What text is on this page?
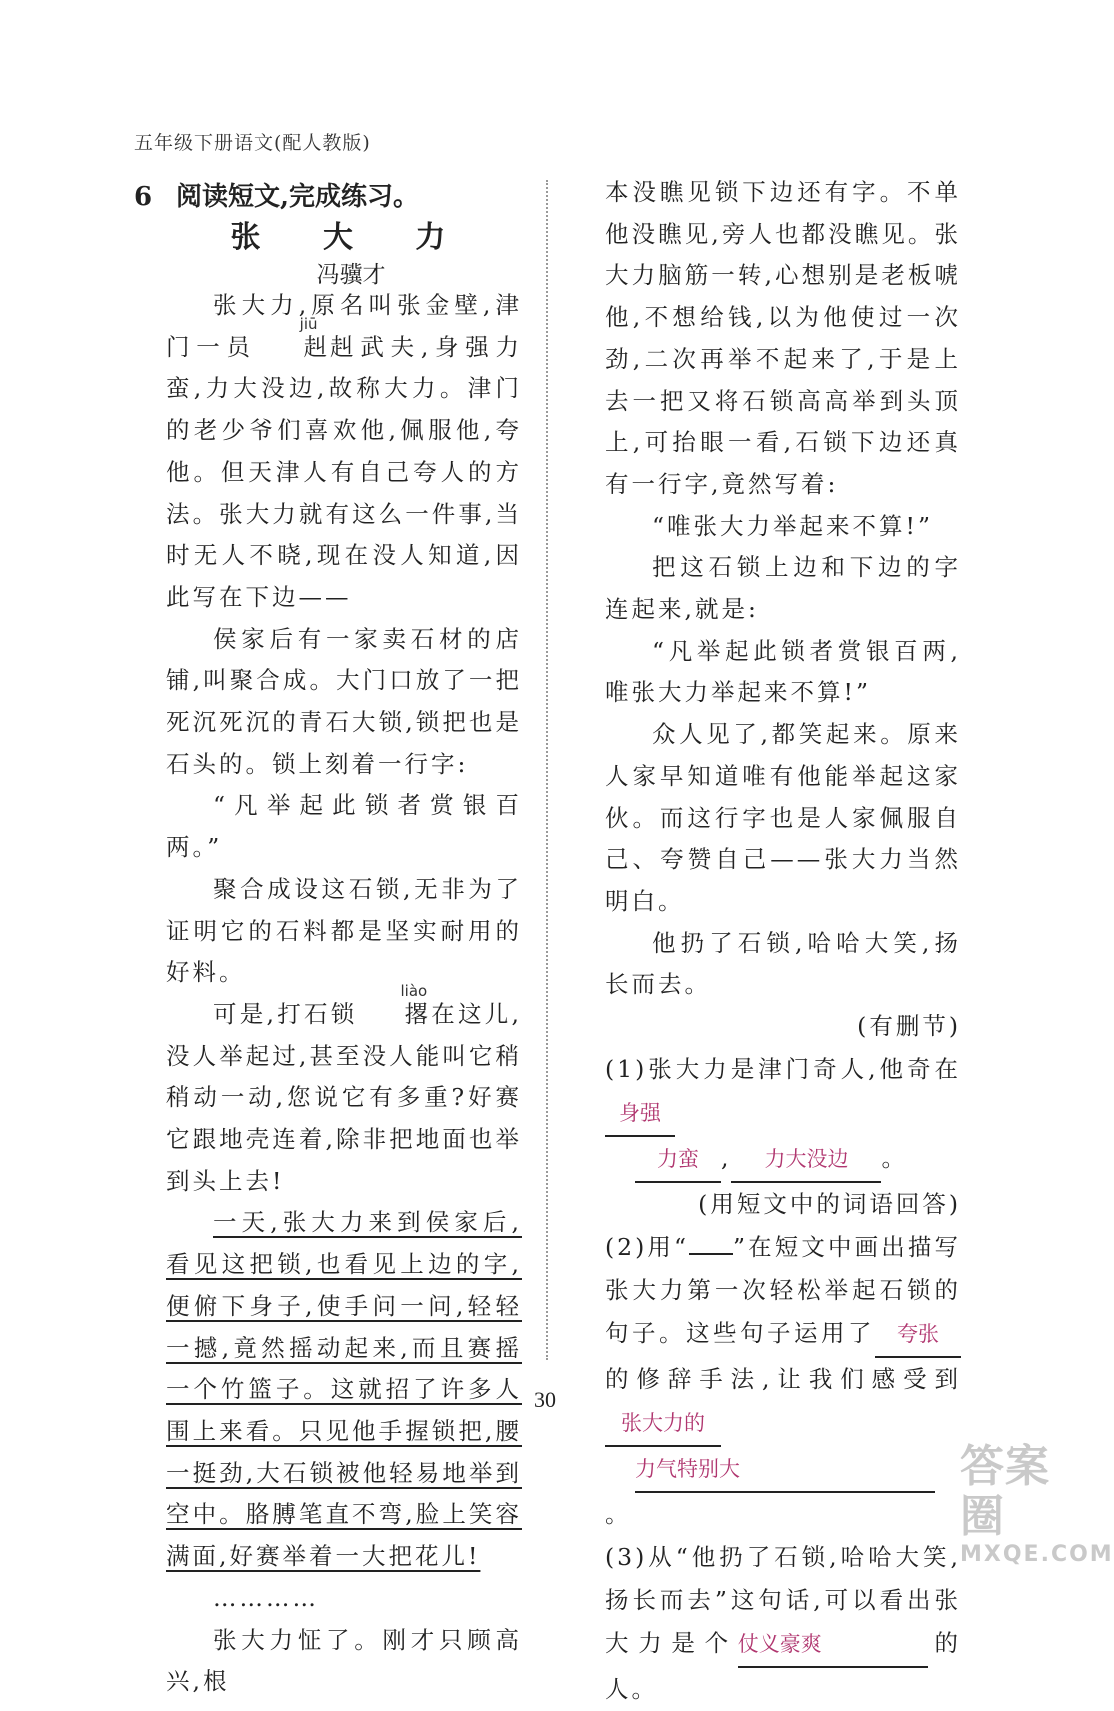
五年级下册语文(配人教版)
6 阅读短文,完成练习。
张 大 力
冯骥才

张大力,原名叫张金壁,津门一员
jiū
赳赳武夫,身强力蛮,力大没边,故称大力。津门的老少爷们喜欢他,佩服他,夸他。但天津人有自己夸人的方法。张大力就有这么一件事,当时无人不晓,现在没人知道,因此写在下边——

侯家后有一家卖石材的店铺,叫聚合成。大门口放了一把死沉死沉的青石大锁,锁把也是石头的。锁上刻着一行字:

“凡举起此锁者赏银百两。”

聚合成设这石锁,无非为了证明它的石料都是坚实耐用的好料。

可是,打石锁
liào
撂在这儿,没人举起过,甚至没人能叫它稍稍动一动,您说它有多重?好赛它跟地壳连着,除非把地面也举到头上去!

一天,张大力来到侯家后,看见这把锁,也看见上边的字,便俯下身子,使手问一问,轻轻一撼,竟然摇动起来,而且赛摇一个竹篮子。这就招了许多人围上来看。只见他手握锁把,腰一挺劲,大石锁被他轻易地举到空中。胳膊笔直不弯,脸上笑容满面,好赛举着一大把花儿!

…………

张大力怔了。刚才只顾高兴,根

本没瞧见锁下边还有字。不单他没瞧见,旁人也都没瞧见。张大力脑筋一转,心想别是老板唬他,不想给钱,以为他使过一次劲,二次再举不起来了,于是上去一把又将石锁高高举到头顶上,可抬眼一看,石锁下边还真有一行字,竟然写着:

“唯张大力举起来不算!”

把这石锁上边和下边的字连起来,就是:

“凡举起此锁者赏银百两,唯张大力举起来不算!”

众人见了,都笑起来。原来人家早知道唯有他能举起这家伙。而这行字也是人家佩服自己、夸赞自己——张大力当然明白。

他扔了石锁,哈哈大笑,扬长而去。

(有删节)

(1)张大力是津门奇人,他奇在身强
力蛮 , 力大没边 。
(用短文中的词语回答)
(2)用“ ”在短文中画出描写张大力第一次轻松举起石锁的句子。这些句子运用了 夸张的修辞手法,让我们感受到张大力的
力气特别大。
(3)从“他扔了石锁,哈哈大笑,扬长而去”这句话,可以看出张大力是个仗义豪爽	的人。
30
答案圈
MXQE.COM
